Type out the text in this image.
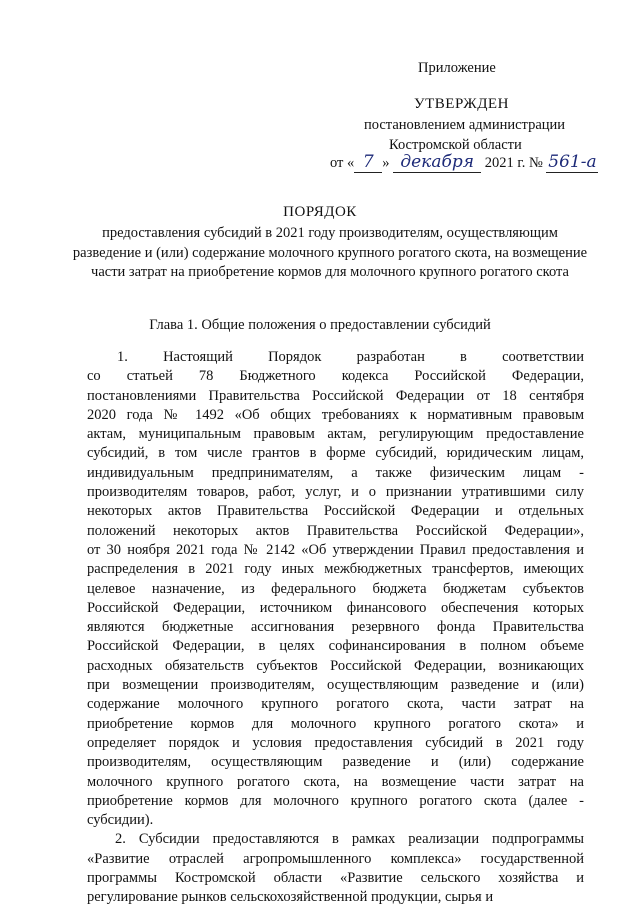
Приложение
УТВЕРЖДЕН
постановлением администрации
Костромской области
от « 7 » декабря 2021 г. № 561-а
ПОРЯДОК
предоставления субсидий в 2021 году производителям, осуществляющим разведение и (или) содержание молочного крупного рогатого скота, на возмещение части затрат на приобретение кормов для молочного крупного рогатого скота
Глава 1. Общие положения о предоставлении субсидий
1. Настоящий Порядок разработан в соответствии
со статьей 78 Бюджетного кодекса Российской Федерации,
постановлениями Правительства Российской Федерации от 18 сентября
2020 года № 1492 «Об общих требованиях к нормативным правовым
актам, муниципальным правовым актам, регулирующим предоставление
субсидий, в том числе грантов в форме субсидий, юридическим лицам,
индивидуальным предпринимателям, а также физическим лицам -
производителям товаров, работ, услуг, и о признании утратившими силу
некоторых актов Правительства Российской Федерации и отдельных
положений некоторых актов Правительства Российской Федерации»,
от 30 ноября 2021 года № 2142 «Об утверждении Правил предоставления и
распределения в 2021 году иных межбюджетных трансфертов, имеющих
целевое назначение, из федерального бюджета бюджетам субъектов
Российской Федерации, источником финансового обеспечения которых
являются бюджетные ассигнования резервного фонда Правительства
Российской Федерации, в целях софинансирования в полном объеме
расходных обязательств субъектов Российской Федерации, возникающих
при возмещении производителям, осуществляющим разведение и (или)
содержание молочного крупного рогатого скота, части затрат на
приобретение кормов для молочного крупного рогатого скота» и
определяет порядок и условия предоставления субсидий в 2021 году
производителям, осуществляющим разведение и (или) содержание
молочного крупного рогатого скота, на возмещение части затрат на
приобретение кормов для молочного крупного рогатого скота (далее -
субсидии).
2. Субсидии предоставляются в рамках реализации подпрограммы
«Развитие отраслей агропромышленного комплекса» государственной
программы Костромской области «Развитие сельского хозяйства и
регулирование рынков сельскохозяйственной продукции, сырья и
